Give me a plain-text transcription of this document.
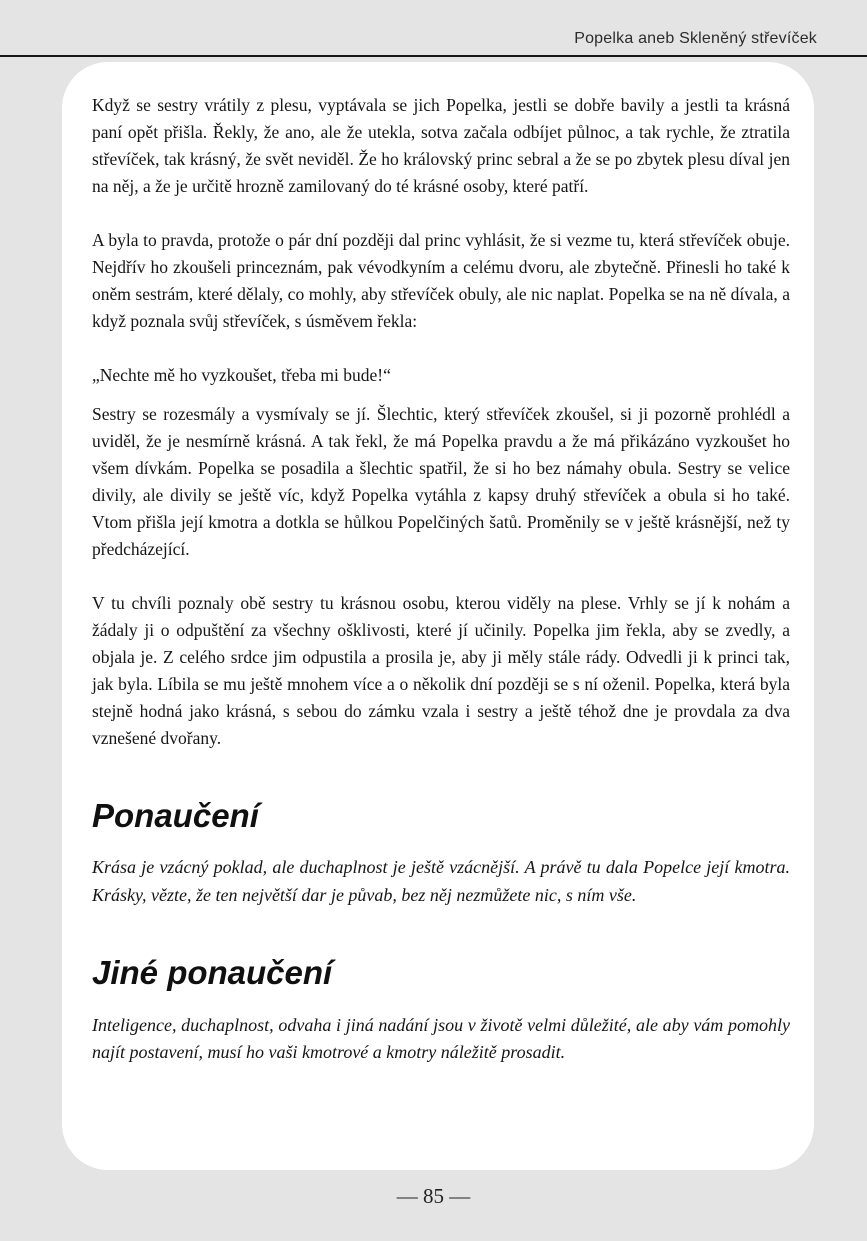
Popelka aneb Skleněný střevíček

Když se sestry vrátily z plesu, vyptávala se jich Popelka, jestli se dobře bavily a jestli ta krásná paní opět přišla. Řekly, že ano, ale že utekla, sotva začala odbíjet půlnoc, a tak rychle, že ztratila střevíček, tak krásný, že svět neviděl. Že ho královský princ sebral a že se po zbytek plesu díval jen na něj, a že je určitě hrozně zamilovaný do té krásné osoby, které patří.

A byla to pravda, protože o pár dní později dal princ vyhlásit, že si vezme tu, která střevíček obuje. Nejdřív ho zkoušeli princeznám, pak vévodkyním a celému dvoru, ale zbytečně. Přinesli ho také k oněm sestrám, které dělaly, co mohly, aby střevíček obuly, ale nic naplat. Popelka se na ně dívala, a když poznala svůj střevíček, s úsměvem řekla:

„Nechte mě ho vyzkoušet, třeba mi bude!“

Sestry se rozesmály a vysmívaly se jí. Šlechtic, který střevíček zkoušel, si ji pozorně prohlédl a uviděl, že je nesmírně krásná. A tak řekl, že má Popelka pravdu a že má přikázáno vyzkoušet ho všem dívkám. Popelka se posadila a šlechtic spatřil, že si ho bez námahy obula. Sestry se velice divily, ale divily se ještě víc, když Popelka vytáhla z kapsy druhý střevíček a obula si ho také. Vtom přišla její kmotra a dotkla se hůlkou Popelčiných šatů. Proměnily se v ještě krásnější, než ty předcházející.

V tu chvíli poznaly obě sestry tu krásnou osobu, kterou viděly na plese. Vrhly se jí k nohám a žádaly ji o odpuštění za všechny ošklivosti, které jí učinily. Popelka jim řekla, aby se zvedly, a objala je. Z celého srdce jim odpustila a prosila je, aby ji měly stále rády. Odvedli ji k princi tak, jak byla. Líbila se mu ještě mnohem více a o několik dní později se s ní oženil. Popelka, která byla stejně hodná jako krásná, s sebou do zámku vzala i sestry a ještě téhož dne je provdala za dva vznešené dvořany.

Ponaučení

Krása je vzácný poklad, ale duchaplnost je ještě vzácnější. A právě tu dala Popelce její kmotra. Krásky, vězte, že ten největší dar je půvab, bez něj nezmůžete nic, s ním vše.

Jiné ponaučení

Inteligence, duchaplnost, odvaha i jiná nadání jsou v životě velmi důležité, ale aby vám pomohly najít postavení, musí ho vaši kmotrové a kmotry náležitě prosadit.

— 85 —
